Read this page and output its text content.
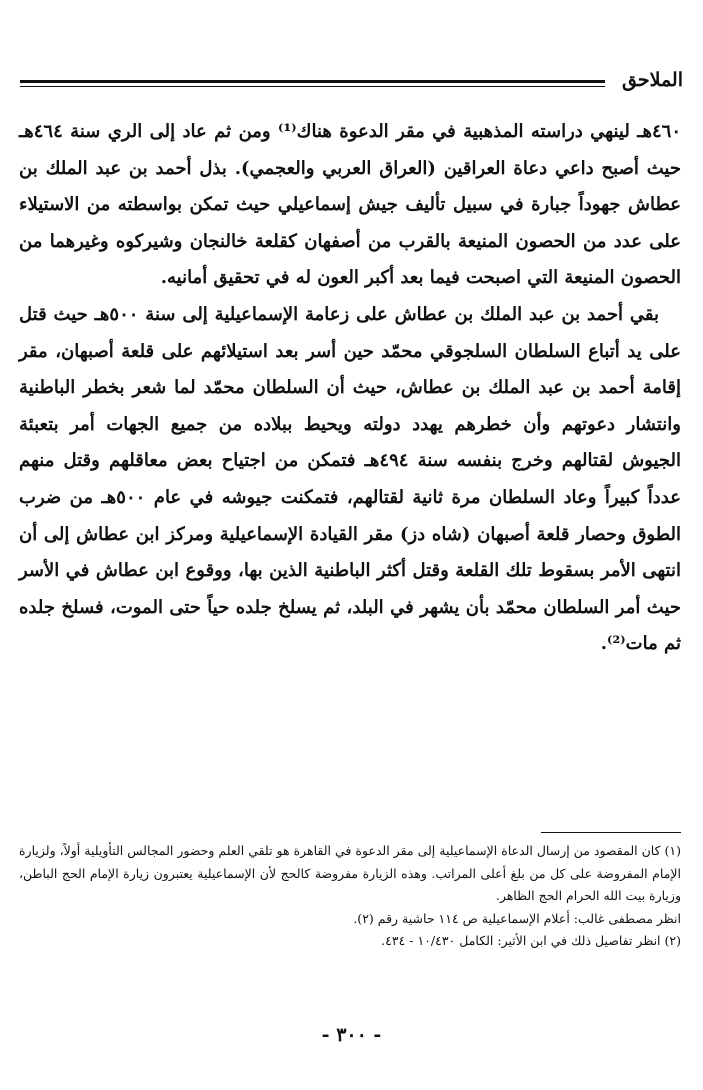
الملاحق

٤٦٠هـ لينهي دراسته المذهبية في مقر الدعوة هناك⁽¹⁾ ومن ثم عاد إلى الري سنة ٤٦٤هـ حيث أصبح داعي دعاة العراقين (العراق العربي والعجمي). بذل أحمد بن عبد الملك بن عطاش جهوداً جبارة في سبيل تأليف جيش إسماعيلي حيث تمكن بواسطته من الاستيلاء على عدد من الحصون المنيعة بالقرب من أصفهان كقلعة خالنجان وشيركوه وغيرهما من الحصون المنيعة التي اصبحت فيما بعد أكبر العون له في تحقيق أمانيه.

بقي أحمد بن عبد الملك بن عطاش على زعامة الإسماعيلية إلى سنة ٥٠٠هـ حيث قتل على يد أتباع السلطان السلجوقي محمّد حين أسر بعد استيلائهم على قلعة أصبهان، مقر إقامة أحمد بن عبد الملك بن عطاش، حيث أن السلطان محمّد لما شعر بخطر الباطنية وانتشار دعوتهم وأن خطرهم يهدد دولته ويحيط ببلاده من جميع الجهات أمر بتعبئة الجيوش لقتالهم وخرج بنفسه سنة ٤٩٤هـ فتمكن من اجتياح بعض معاقلهم وقتل منهم عدداً كبيراً وعاد السلطان مرة ثانية لقتالهم، فتمكنت جيوشه في عام ٥٠٠هـ من ضرب الطوق وحصار قلعة أصبهان (شاه دز) مقر القيادة الإسماعيلية ومركز ابن عطاش إلى أن انتهى الأمر بسقوط تلك القلعة وقتل أكثر الباطنية الذين بها، ووقوع ابن عطاش في الأسر حيث أمر السلطان محمّد بأن يشهر في البلد، ثم يسلخ جلده حياً حتى الموت، فسلخ جلده ثم مات⁽²⁾.

(١) كان المقصود من إرسال الدعاة الإسماعيلية إلى مقر الدعوة في القاهرة هو تلقي العلم وحضور المجالس التأويلية أولاً، ولزيارة الإمام المفروضة على كل من بلغ أعلى المراتب. وهذه الزيارة مفروضة كالحج لأن الإسماعيلية يعتبرون زيارة الإمام الحج الباطن، وزيارة بيت الله الحرام الحج الظاهر.

انظر مصطفى غالب: أعلام الإسماعيلية ص ١١٤ حاشية رقم (٢).

(٢) انظر تفاصيل ذلك في ابن الأثير: الكامل ١٠/٤٣٠ - ٤٣٤.

- ٣٠٠ -
